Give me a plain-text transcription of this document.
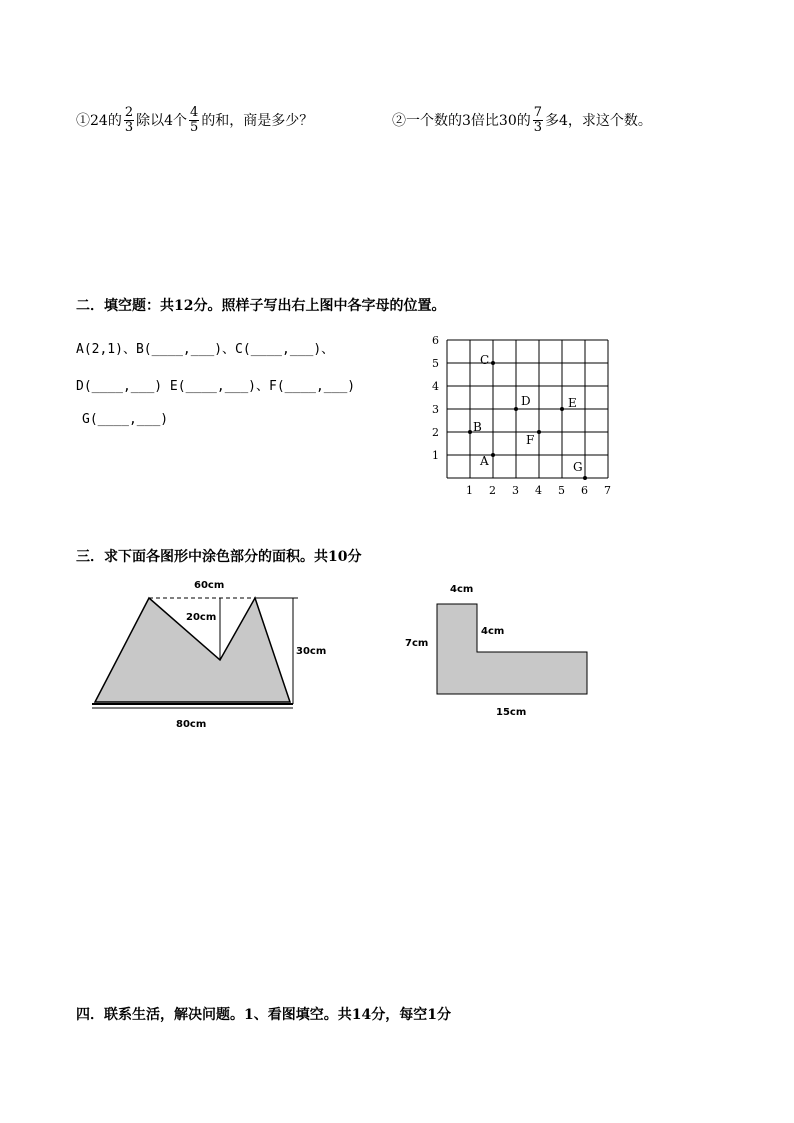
①24的 $\frac{2}{3}$ 除以4个 $\frac{4}{5}$ 的和，商是多少？	②一个数的3倍比30的 $\frac{7}{3}$ 多4，求这个数。
二．填空题：共12分。照样子写出右上图中各字母的位置。
A(2,1)、B(____,___)、C(____,___)、
D(____,___) E(____,___)、F(____,___)
G(____,___)
1
2
3
4
5
6
1 2 3 4 5 6 7
A
B
C
D	E
F
G
三．求下面各图形中涂色部分的面积。共10分
60cm
20cm
30cm
80cm
4cm
4cm
7cm
15cm
四．联系生活，解决问题。1、看图填空。共14分，每空1分
